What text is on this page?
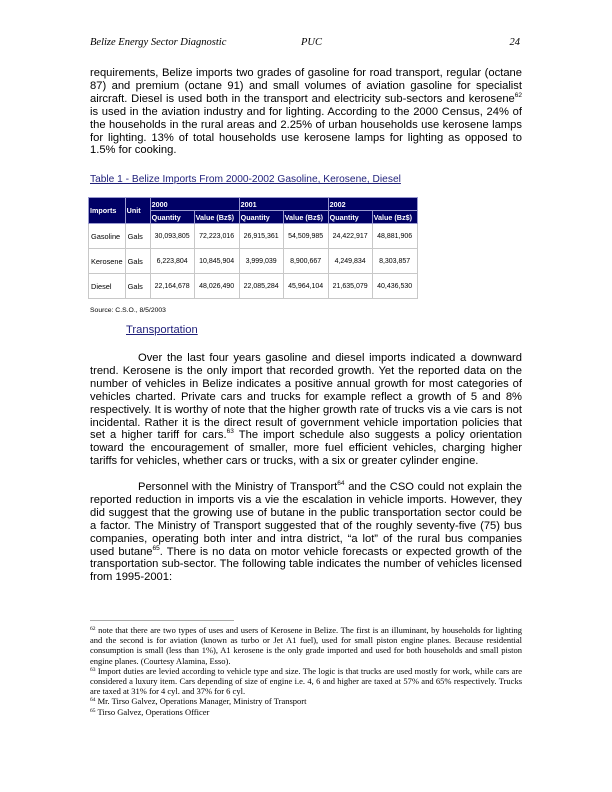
Belize Energy Sector Diagnostic	PUC	24
requirements, Belize imports two grades of gasoline for road transport, regular (octane 87) and premium (octane 91) and small volumes of aviation gasoline for specialist aircraft. Diesel is used both in the transport and electricity sub-sectors and kerosene$^{62}$ is used in the aviation industry and for lighting. According to the 2000 Census, 24% of the households in the rural areas and 2.25% of urban households use kerosene lamps for lighting. 13% of total households use kerosene lamps for lighting as opposed to 1.5% for cooking.
Table 1 - Belize Imports From 2000-2002 Gasoline, Kerosene, Diesel
Imports	Unit	2000		2001		2002	
		Quantity	Value (Bz$)	Quantity	Value (Bz$)	Quantity	Value (Bz$)
Gasoline	Gals	30,093,805	72,223,016	26,915,361	54,509,985	24,422,917	48,881,906
Kerosene	Gals	6,223,804	10,845,904	3,999,039	8,900,667	4,249,834	8,303,857
Diesel	Gals	22,164,678	48,026,490	22,085,284	45,964,104	21,635,079	40,436,530
Source: C.S.O., 8/5/2003
Transportation
Over the last four years gasoline and diesel imports indicated a downward trend. Kerosene is the only import that recorded growth. Yet the reported data on the number of vehicles in Belize indicates a positive annual growth for most categories of vehicles charted. Private cars and trucks for example reflect a growth of 5 and 8% respectively. It is worthy of note that the higher growth rate of trucks vis a vie cars is not incidental. Rather it is the direct result of government vehicle importation policies that set a higher tariff for cars.$^{63}$ The import schedule also suggests a policy orientation toward the encouragement of smaller, more fuel efficient vehicles, charging higher tariffs for vehicles, whether cars or trucks, with a six or greater cylinder engine.
Personnel with the Ministry of Transport$^{64}$ and the CSO could not explain the reported reduction in imports vis a vie the escalation in vehicle imports. However, they did suggest that the growing use of butane in the public transportation sector could be a factor. The Ministry of Transport suggested that of the roughly seventy-five (75) bus companies, operating both inter and intra district, “a lot” of the rural bus companies used butane$^{65}$. There is no data on motor vehicle forecasts or expected growth of the transportation sub-sector. The following table indicates the number of vehicles licensed from 1995-2001:

$^{62}$ note that there are two types of uses and users of Kerosene in Belize. The first is an illuminant, by households for lighting and the second is for aviation (known as turbo or Jet A1 fuel), used for small piston engine planes. Because residential consumption is small (less than 1%), A1 kerosene is the only grade imported and used for both households and small piston engine planes. (Courtesy Alamina, Esso).

$^{63}$ Import duties are levied according to vehicle type and size. The logic is that trucks are used mostly for work, while cars are considered a luxury item. Cars depending of size of engine i.e. 4, 6 and higher are taxed at 57% and 65% respectively. Trucks are taxed at 31% for 4 cyl. and 37% for 6 cyl.

$^{64}$ Mr. Tirso Galvez, Operations Manager, Ministry of Transport

$^{65}$ Tirso Galvez, Operations Officer
